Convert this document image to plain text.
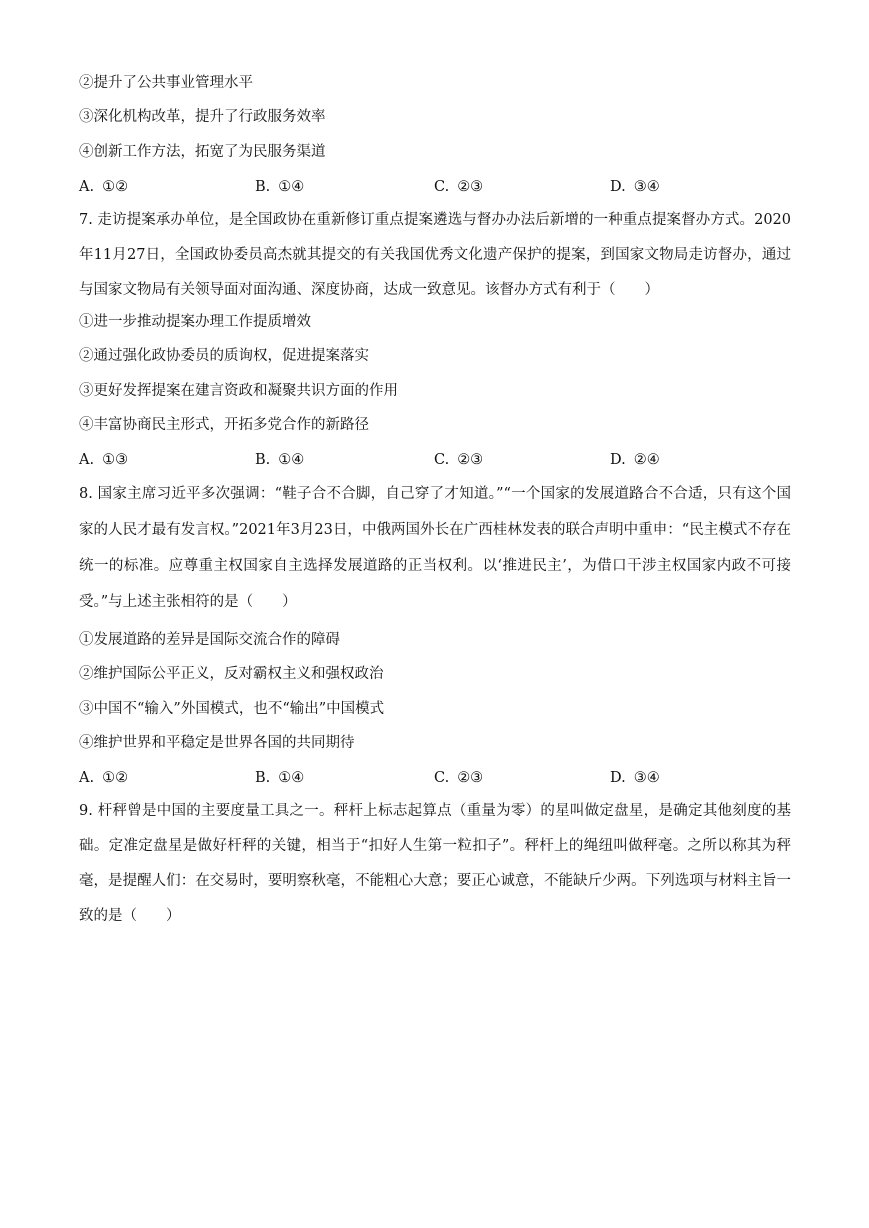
②提升了公共事业管理水平
③深化机构改革，提升了行政服务效率
④创新工作方法，拓宽了为民服务渠道
A. ①②	B. ①④	C. ②③	D. ③④
7. 走访提案承办单位，是全国政协在重新修订重点提案遴选与督办办法后新增的一种重点提案督办方式。2020年11月27日，全国政协委员高杰就其提交的有关我国优秀文化遗产保护的提案，到国家文物局走访督办，通过与国家文物局有关领导面对面沟通、深度协商，达成一致意见。该督办方式有利于（　　）
①进一步推动提案办理工作提质增效
②通过强化政协委员的质询权，促进提案落实
③更好发挥提案在建言资政和凝聚共识方面的作用
④丰富协商民主形式，开拓多党合作的新路径
A. ①③	B. ①④	C. ②③	D. ②④
8. 国家主席习近平多次强调：“鞋子合不合脚，自己穿了才知道。”“一个国家的发展道路合不合适，只有这个国家的人民才最有发言权。”2021年3月23日，中俄两国外长在广西桂林发表的联合声明中重申：“民主模式不存在统一的标准。应尊重主权国家自主选择发展道路的正当权利。以‘推进民主’，为借口干涉主权国家内政不可接受。”与上述主张相符的是（　　）
①发展道路的差异是国际交流合作的障碍
②维护国际公平正义，反对霸权主义和强权政治
③中国不“输入”外国模式，也不“输出”中国模式
④维护世界和平稳定是世界各国的共同期待
A. ①②	B. ①④	C. ②③	D. ③④
9. 杆秤曾是中国的主要度量工具之一。秤杆上标志起算点（重量为零）的星叫做定盘星，是确定其他刻度的基础。定准定盘星是做好杆秤的关键，相当于“扣好人生第一粒扣子”。秤杆上的绳纽叫做秤毫。之所以称其为秤毫，是提醒人们：在交易时，要明察秋毫，不能粗心大意；要正心诚意，不能缺斤少两。下列选项与材料主旨一致的是（　　）
